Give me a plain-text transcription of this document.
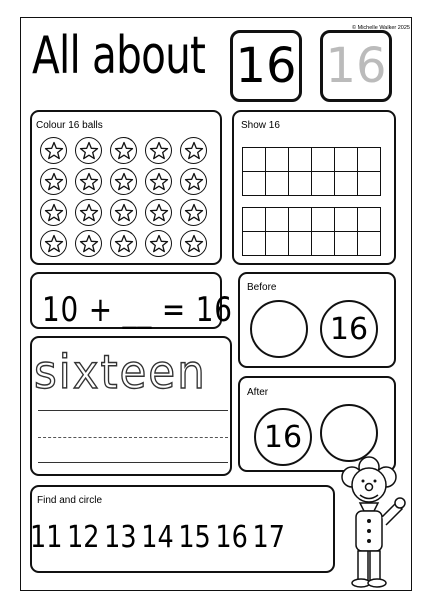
© Michelle Walker 2025
All about 16 16
Colour 16 balls	Show 16

10 + __ = 16
sixteen
Before
16
After
16
Find and circle
11 12 13 14 15 16 17
